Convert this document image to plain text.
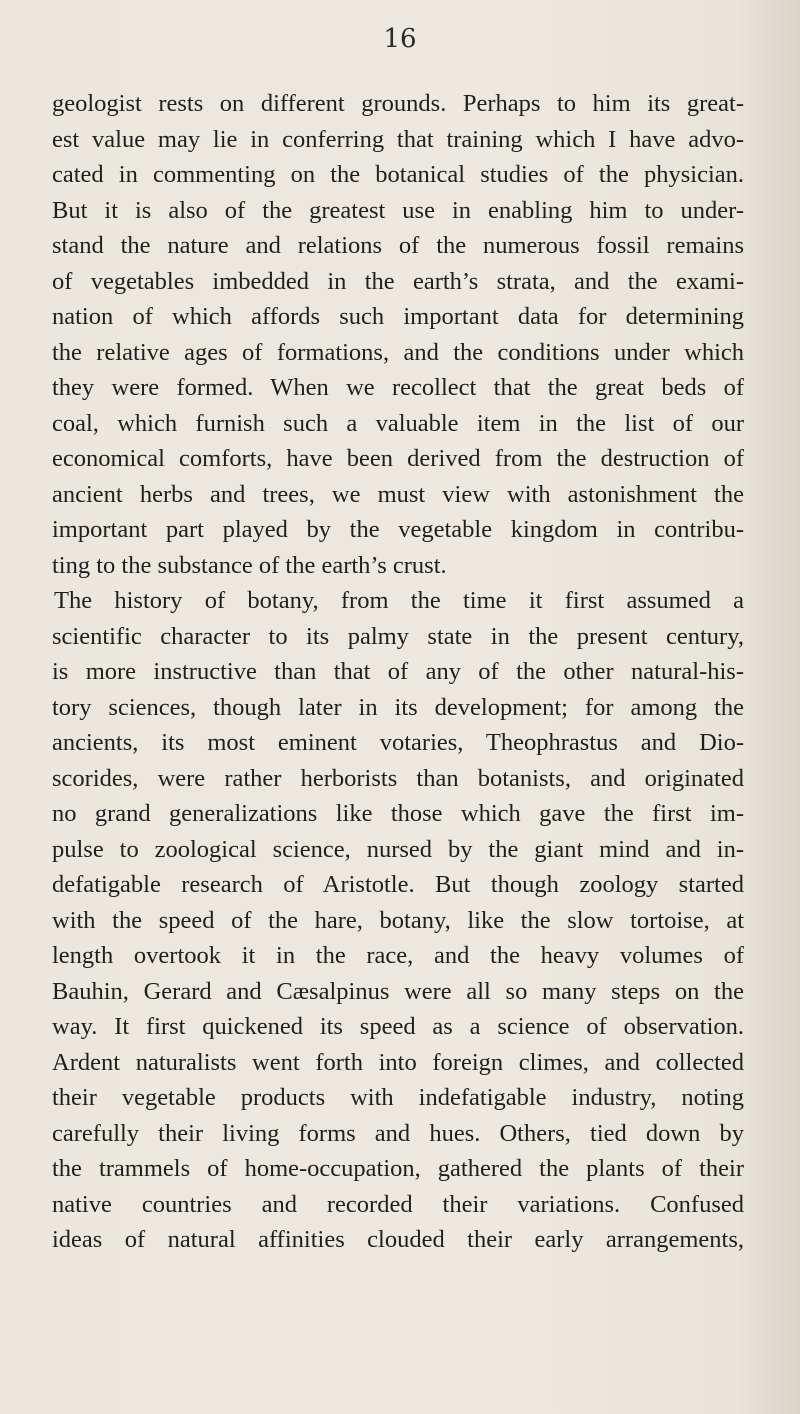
16
geologist rests on different grounds. Perhaps to him its great-
est value may lie in conferring that training which I have advo-
cated in commenting on the botanical studies of the physician.
But it is also of the greatest use in enabling him to under-
stand the nature and relations of the numerous fossil remains
of vegetables imbedded in the earth’s strata, and the exami-
nation of which affords such important data for determining
the relative ages of formations, and the conditions under which
they were formed. When we recollect that the great beds of
coal, which furnish such a valuable item in the list of our
economical comforts, have been derived from the destruction of
ancient herbs and trees, we must view with astonishment the
important part played by the vegetable kingdom in contribu-
ting to the substance of the earth’s crust.
The history of botany, from the time it first assumed a
scientific character to its palmy state in the present century,
is more instructive than that of any of the other natural-his-
tory sciences, though later in its development; for among the
ancients, its most eminent votaries, Theophrastus and Dio-
scorides, were rather herborists than botanists, and originated
no grand generalizations like those which gave the first im-
pulse to zoological science, nursed by the giant mind and in-
defatigable research of Aristotle. But though zoology started
with the speed of the hare, botany, like the slow tortoise, at
length overtook it in the race, and the heavy volumes of
Bauhin, Gerard and Cæsalpinus were all so many steps on the
way. It first quickened its speed as a science of observation.
Ardent naturalists went forth into foreign climes, and collected
their vegetable products with indefatigable industry, noting
carefully their living forms and hues. Others, tied down by
the trammels of home-occupation, gathered the plants of their
native countries and recorded their variations. Confused
ideas of natural affinities clouded their early arrangements,
